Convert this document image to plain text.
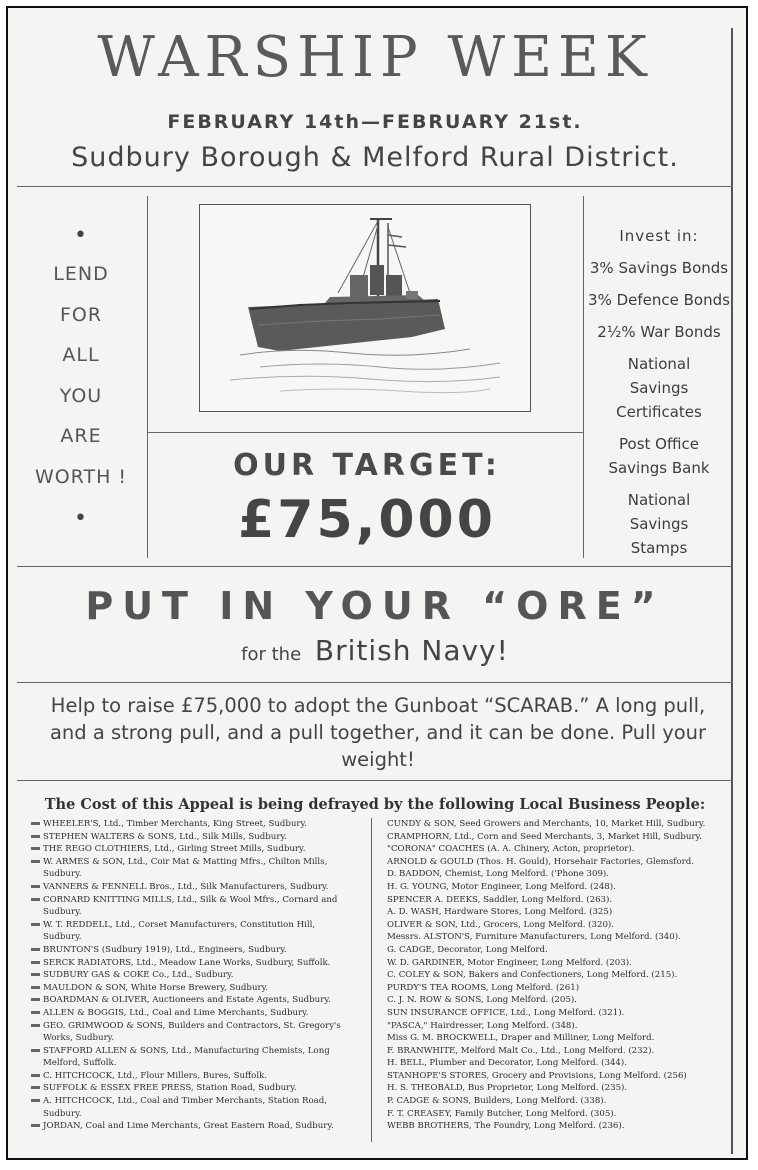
WARSHIP WEEK
FEBRUARY 14th—FEBRUARY 21st.
Sudbury Borough & Melford Rural District.
•
LEND
FOR
ALL
YOU
ARE
WORTH !
•
OUR TARGET:
£75,000
Invest in:
3% Savings Bonds
3% Defence Bonds
2½% War Bonds
National Savings Certificates
Post Office Savings Bank
National Savings Stamps
PUT IN YOUR “ORE”
for the British Navy!
Help to raise £75,000 to adopt the Gunboat “SCARAB.” A long pull, and a strong pull, and a pull together, and it can be done. Pull your weight!
The Cost of this Appeal is being defrayed by the following Local Business People:
WHEELER'S, Ltd., Timber Merchants, King Street, Sudbury.
STEPHEN WALTERS & SONS, Ltd., Silk Mills, Sudbury.
THE REGO CLOTHIERS, Ltd., Girling Street Mills, Sudbury.
W. ARMES & SON, Ltd., Coir Mat & Matting Mfrs., Chilton Mills, Sudbury.
VANNERS & FENNELL Bros., Ltd., Silk Manufacturers, Sudbury.
CORNARD KNITTING MILLS, Ltd., Silk & Wool Mfrs., Cornard and Sudbury.
W. T. REDDELL, Ltd., Corset Manufacturers, Constitution Hill, Sudbury.
BRUNTON'S (Sudbury 1919), Ltd., Engineers, Sudbury.
SERCK RADIATORS, Ltd., Meadow Lane Works, Sudbury, Suffolk.
SUDBURY GAS & COKE Co., Ltd., Sudbury.
MAULDON & SON, White Horse Brewery, Sudbury.
BOARDMAN & OLIVER, Auctioneers and Estate Agents, Sudbury.
ALLEN & BOGGIS, Ltd., Coal and Lime Merchants, Sudbury.
GEO. GRIMWOOD & SONS, Builders and Contractors, St. Gregory's Works, Sudbury.
STAFFORD ALLEN & SONS, Ltd., Manufacturing Chemists, Long Melford, Suffolk.
C. HITCHCOCK, Ltd., Flour Millers, Bures, Suffolk.
SUFFOLK & ESSEX FREE PRESS, Station Road, Sudbury.
A. HITCHCOCK, Ltd., Coal and Timber Merchants, Station Road, Sudbury.
JORDAN, Coal and Lime Merchants, Great Eastern Road, Sudbury.
CUNDY & SON, Seed Growers and Merchants, 10, Market Hill, Sudbury.
CRAMPHORN, Ltd., Corn and Seed Merchants, 3, Market Hill, Sudbury.
"CORONA" COACHES (A. A. Chinery, Acton, proprietor).
ARNOLD & GOULD (Thos. H. Gould), Horsehair Factories, Glemsford.
D. BADDON, Chemist, Long Melford. ('Phone 309).
H. G. YOUNG, Motor Engineer, Long Melford. (248).
SPENCER A. DEEKS, Saddler, Long Melford. (263).
A. D. WASH, Hardware Stores, Long Melford. (325)
OLIVER & SON, Ltd., Grocers, Long Melford. (320).
Messrs. ALSTON'S, Furniture Manufacturers, Long Melford. (340).
G. CADGE, Decorator, Long Melford.
W. D. GARDINER, Motor Engineer, Long Melford. (203).
C. COLEY & SON, Bakers and Confectioners, Long Melford. (215).
PURDY'S TEA ROOMS, Long Melford. (261)
C. J. N. ROW & SONS, Long Melford. (205).
SUN INSURANCE OFFICE, Ltd., Long Melford. (321).
"PASCA," Hairdresser, Long Melford. (348).
Miss G. M. BROCKWELL, Draper and Milliner, Long Melford.
F. BRANWHITE, Melford Malt Co., Ltd., Long Melford. (232).
H. BELL, Plumber and Decorator, Long Melford. (344).
STANHOPE'S STORES, Grocery and Provisions, Long Melford. (256)
H. S. THEOBALD, Bus Proprietor, Long Melford. (235).
P. CADGE & SONS, Builders, Long Melford. (338).
F. T. CREASEY, Family Butcher, Long Melford. (305).
WEBB BROTHERS, The Foundry, Long Melford. (236).
